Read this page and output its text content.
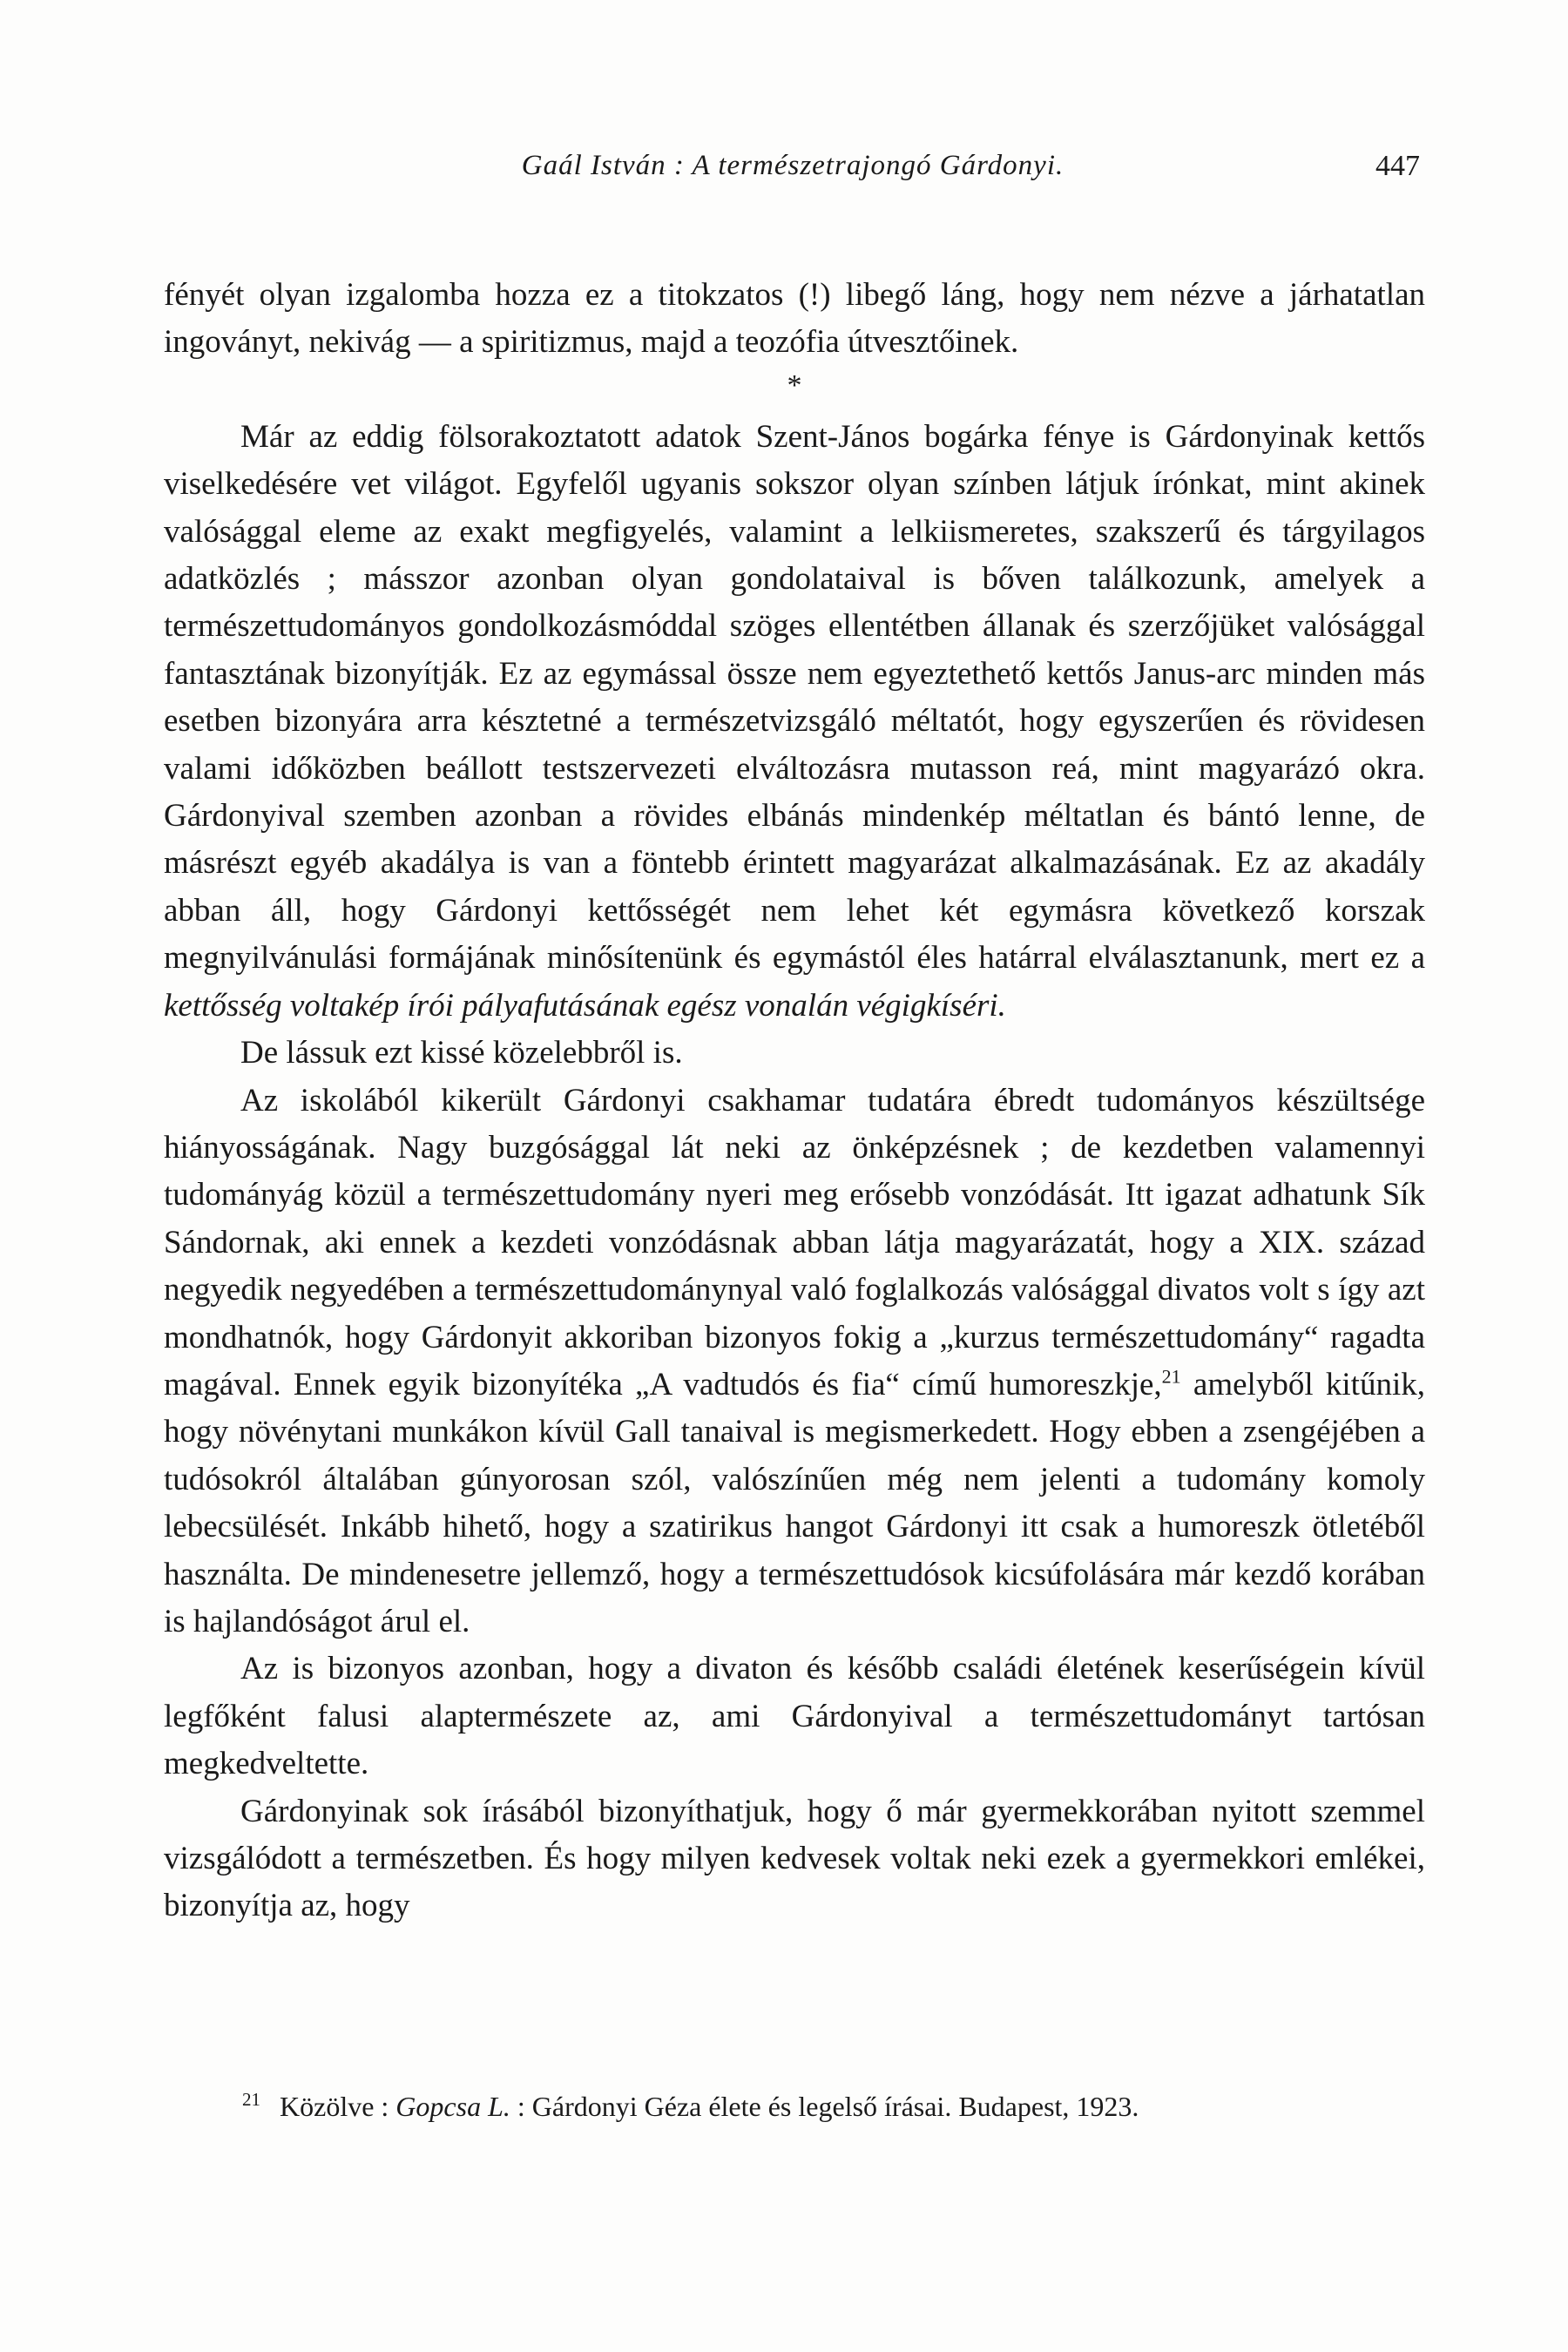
Gaál István : A természetrajongó Gárdonyi.	447

fényét olyan izgalomba hozza ez a titokzatos (!) libegő láng, hogy nem nézve a járhatatlan ingoványt, nekivág — a spiritizmus, majd a teozófia útvesztőinek.

*

Már az eddig fölsorakoztatott adatok Szent-János bogárka fénye is Gárdonyinak kettős viselkedésére vet világot. Egyfelől ugyanis sokszor olyan színben látjuk írónkat, mint akinek valósággal eleme az exakt megfigyelés, valamint a lelkiismeretes, szakszerű és tárgyilagos adatközlés ; másszor azonban olyan gondolataival is bőven találkozunk, amelyek a természettudományos gondolkozásmóddal szöges ellentétben állanak és szerzőjüket valósággal fantasztának bizonyítják. Ez az egymással össze nem egyeztethető kettős Janus-arc minden más esetben bizonyára arra késztetné a természetvizsgáló méltatót, hogy egyszerűen és rövidesen valami időközben beállott testszervezeti elváltozásra mutasson reá, mint magyarázó okra. Gárdonyival szemben azonban a rövides elbánás mindenkép méltatlan és bántó lenne, de másrészt egyéb akadálya is van a föntebb érintett magyarázat alkalmazásának. Ez az akadály abban áll, hogy Gárdonyi kettősségét nem lehet két egymásra következő korszak megnyilvánulási formájának minősítenünk és egymástól éles határral elválasztanunk, mert ez a kettősség voltakép írói pályafutásának egész vonalán végigkíséri.

De lássuk ezt kissé közelebbről is.

Az iskolából kikerült Gárdonyi csakhamar tudatára ébredt tudományos készültsége hiányosságának. Nagy buzgósággal lát neki az önképzésnek ; de kezdetben valamennyi tudományág közül a természettudomány nyeri meg erősebb vonzódását. Itt igazat adhatunk Sík Sándornak, aki ennek a kezdeti vonzódásnak abban látja magyarázatát, hogy a XIX. század negyedik negyedében a természettudománynyal való foglalkozás valósággal divatos volt s így azt mondhatnók, hogy Gárdonyit akkoriban bizonyos fokig a „kurzus természettudomány“ ragadta magával. Ennek egyik bizonyítéka „A vadtudós és fia“ című humoreszkje,$^{21}$ amelyből kitűnik, hogy növénytani munkákon kívül Gall tanaival is megismerkedett. Hogy ebben a zsengéjében a tudósokról általában gúnyorosan szól, valószínűen még nem jelenti a tudomány komoly lebecsülését. Inkább hihető, hogy a szatirikus hangot Gárdonyi itt csak a humoreszk ötletéből használta. De mindenesetre jellemző, hogy a természettudósok kicsúfolására már kezdő korában is hajlandóságot árul el.

Az is bizonyos azonban, hogy a divaton és később családi életének keserűségein kívül legfőként falusi alaptermészete az, ami Gárdonyival a természettudományt tartósan megkedveltette.

Gárdonyinak sok írásából bizonyíthatjuk, hogy ő már gyermekkorában nyitott szemmel vizsgálódott a természetben. És hogy milyen kedvesek voltak neki ezek a gyermekkori emlékei, bizonyítja az, hogy

$^{21}$ Közölve : Gopcsa L. : Gárdonyi Géza élete és legelső írásai. Budapest, 1923.
